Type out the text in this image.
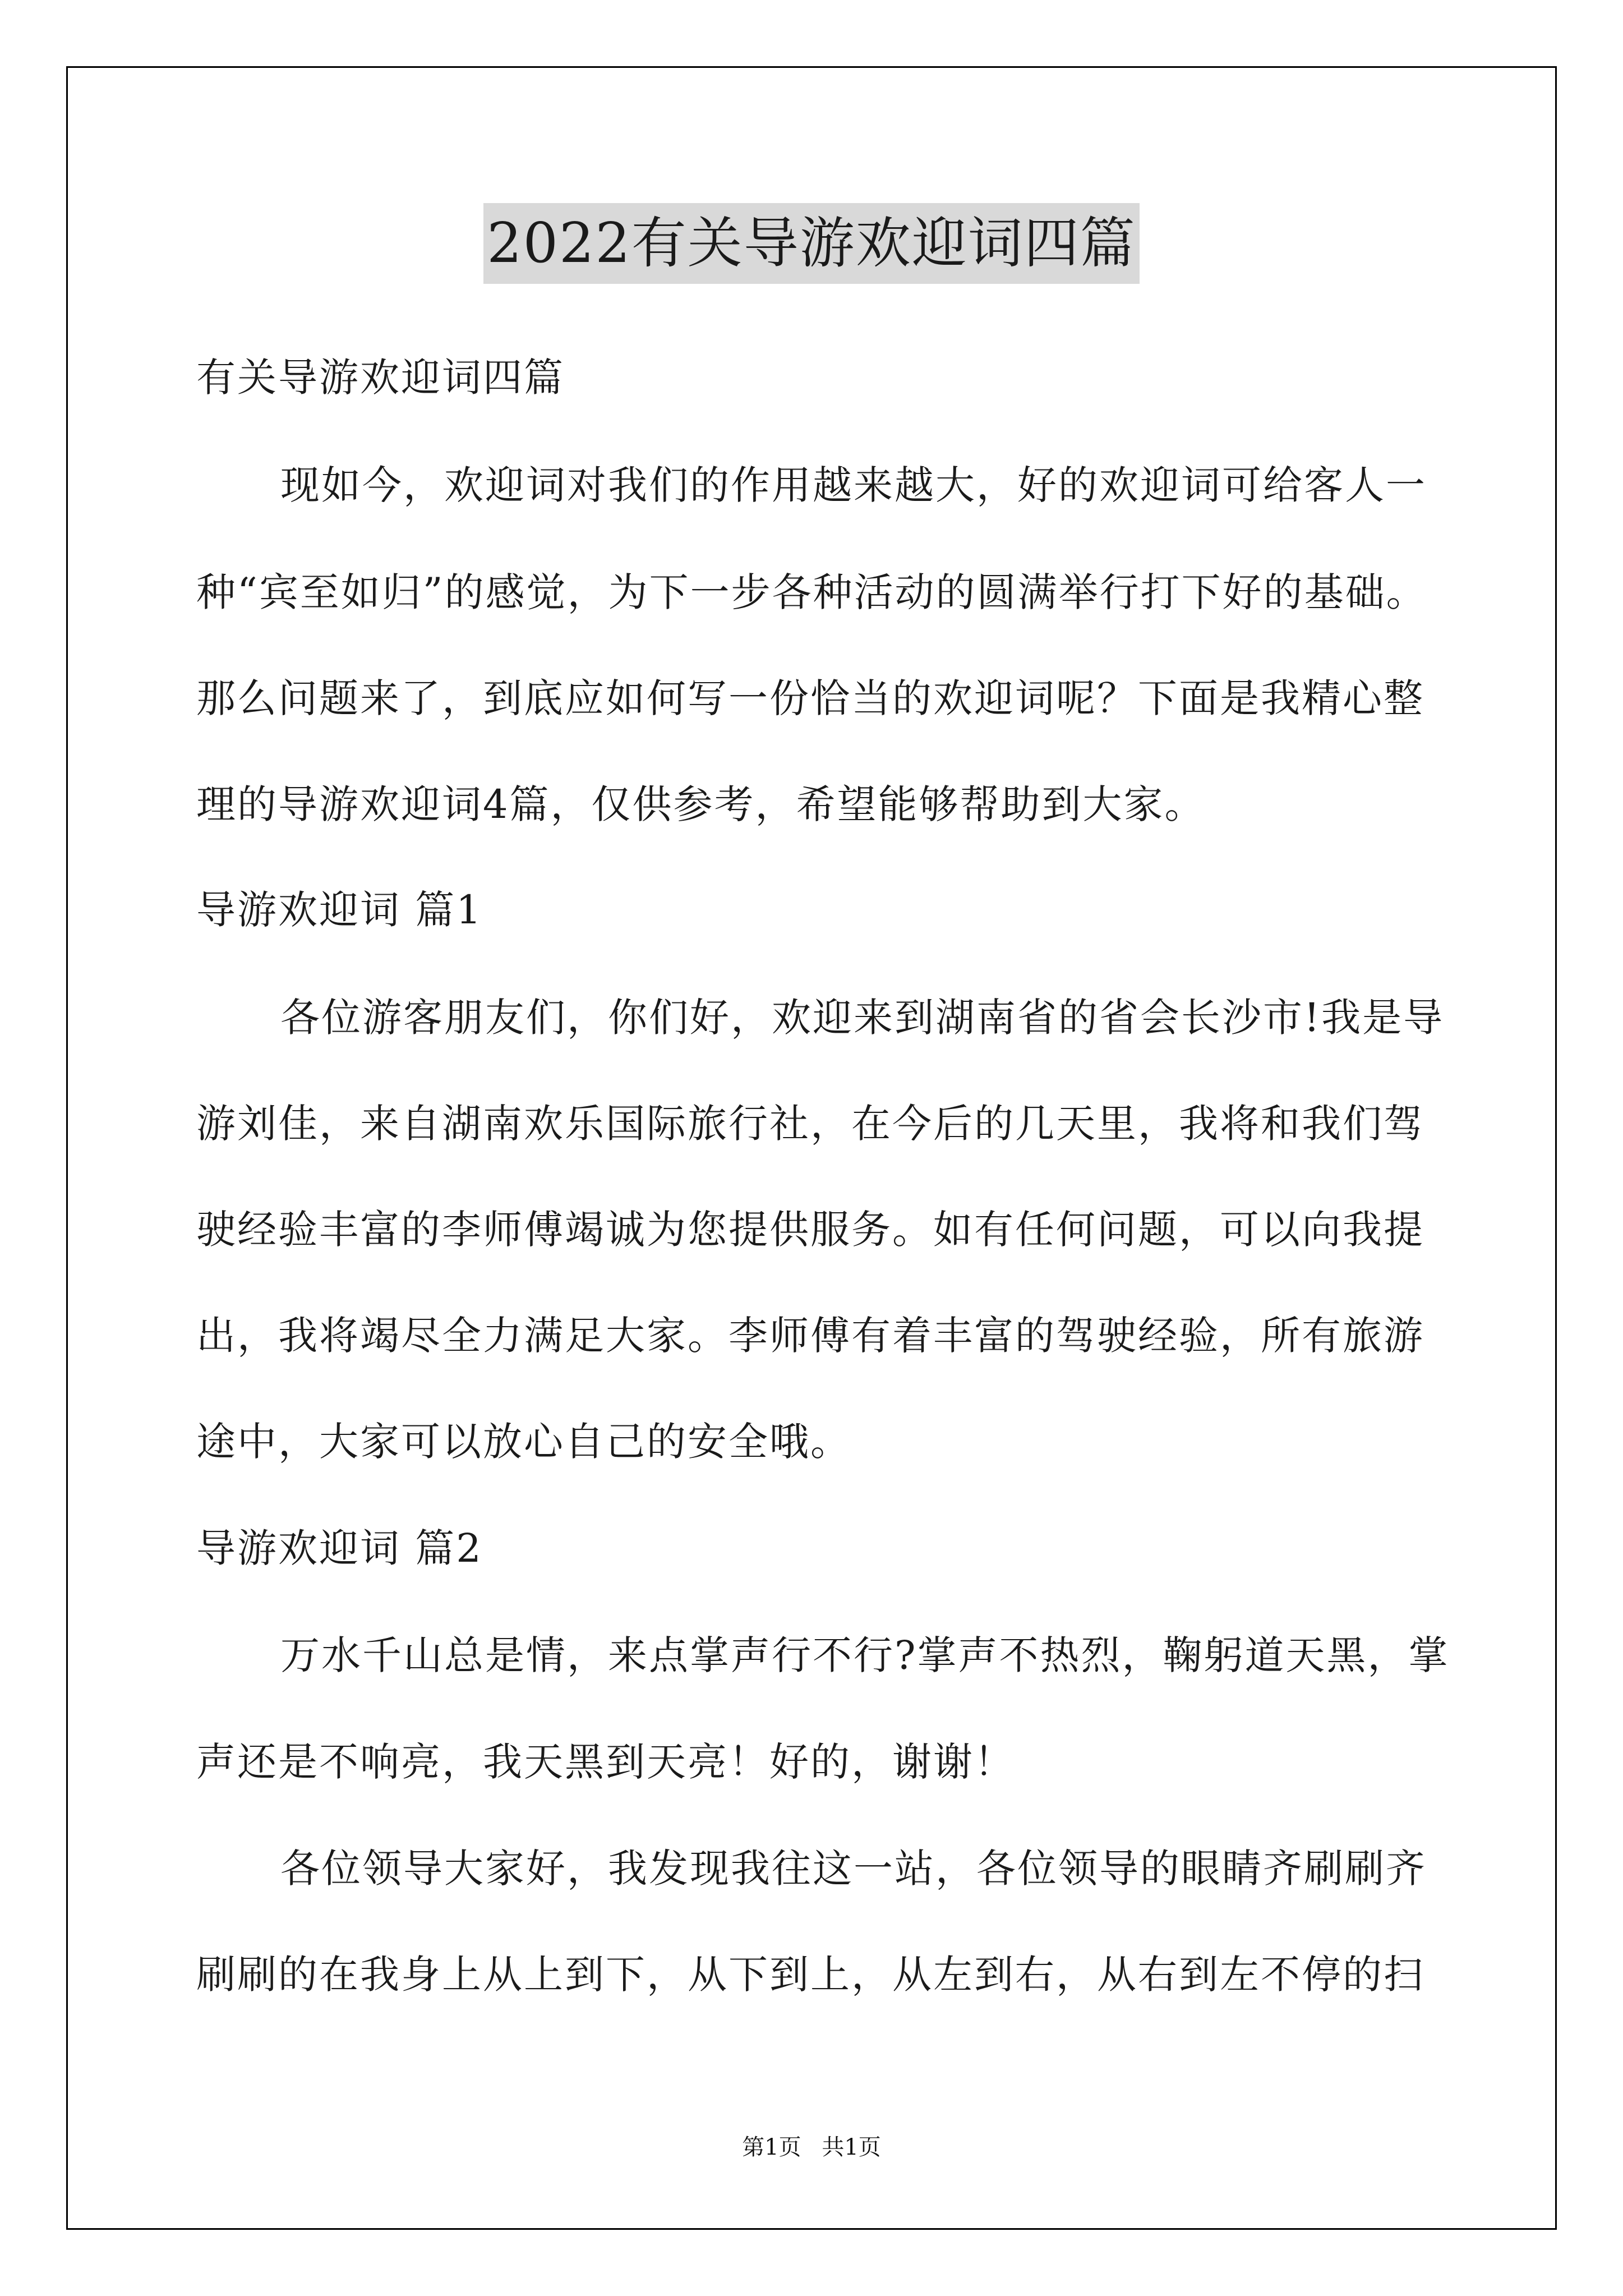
2022有关导游欢迎词四篇

有关导游欢迎词四篇

现如今，欢迎词对我们的作用越来越大，好的欢迎词可给客人一

种“宾至如归”的感觉，为下一步各种活动的圆满举行打下好的基础。

那么问题来了，到底应如何写一份恰当的欢迎词呢？下面是我精心整

理的导游欢迎词4篇，仅供参考，希望能够帮助到大家。

导游欢迎词 篇1

各位游客朋友们，你们好，欢迎来到湖南省的省会长沙市!我是导

游刘佳，来自湖南欢乐国际旅行社，在今后的几天里，我将和我们驾

驶经验丰富的李师傅竭诚为您提供服务。如有任何问题，可以向我提

出，我将竭尽全力满足大家。李师傅有着丰富的驾驶经验，所有旅游

途中，大家可以放心自己的安全哦。

导游欢迎词 篇2

万水千山总是情，来点掌声行不行?掌声不热烈，鞠躬道天黑，掌

声还是不响亮，我天黑到天亮！好的，谢谢！

各位领导大家好，我发现我往这一站，各位领导的眼睛齐刷刷齐

刷刷的在我身上从上到下，从下到上，从左到右，从右到左不停的扫

第1页 共1页
